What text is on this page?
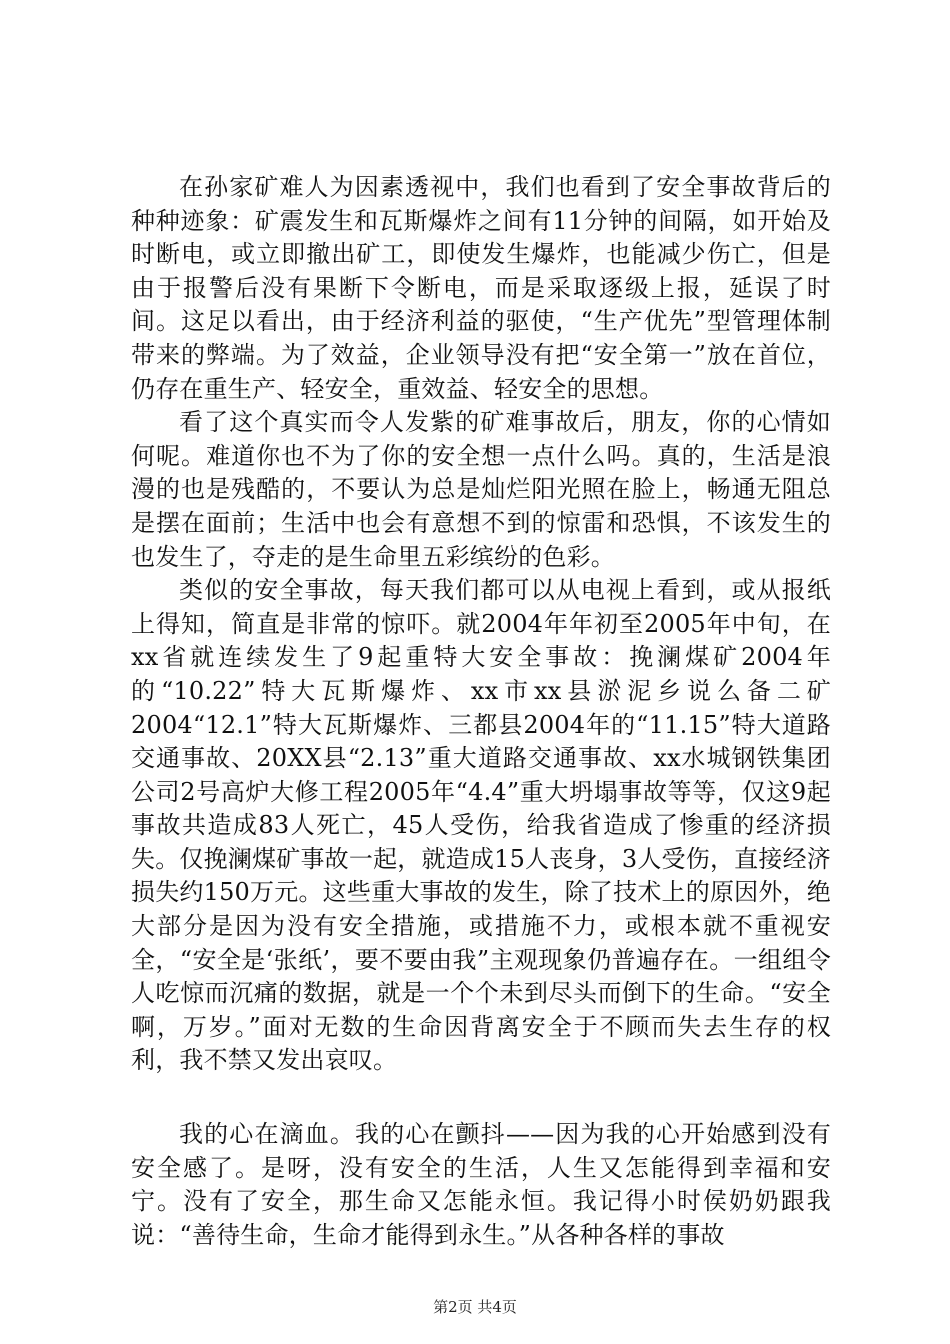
在孙家矿难人为因素透视中，我们也看到了安全事故背后的种种迹象：矿震发生和瓦斯爆炸之间有11分钟的间隔，如开始及时断电，或立即撤出矿工，即使发生爆炸，也能减少伤亡，但是由于报警后没有果断下令断电，而是采取逐级上报，延误了时间。这足以看出，由于经济利益的驱使，“生产优先”型管理体制带来的弊端。为了效益，企业领导没有把“安全第一”放在首位，仍存在重生产、轻安全，重效益、轻安全的思想。

看了这个真实而令人发紫的矿难事故后，朋友，你的心情如何呢。难道你也不为了你的安全想一点什么吗。真的，生活是浪漫的也是残酷的，不要认为总是灿烂阳光照在脸上，畅通无阻总是摆在面前；生活中也会有意想不到的惊雷和恐惧，不该发生的也发生了，夺走的是生命里五彩缤纷的色彩。

类似的安全事故，每天我们都可以从电视上看到，或从报纸上得知，简直是非常的惊吓。就2004年年初至2005年中旬，在xx省就连续发生了9起重特大安全事故：挽澜煤矿2004年的“10.22”特大瓦斯爆炸、xx市xx县淤泥乡说么备二矿2004“12.1”特大瓦斯爆炸、三都县2004年的“11.15”特大道路交通事故、20XX县“2.13”重大道路交通事故、xx水城钢铁集团公司2号高炉大修工程2005年“4.4”重大坍塌事故等等，仅这9起事故共造成83人死亡，45人受伤，给我省造成了惨重的经济损失。仅挽澜煤矿事故一起，就造成15人丧身，3人受伤，直接经济损失约150万元。这些重大事故的发生，除了技术上的原因外，绝大部分是因为没有安全措施，或措施不力，或根本就不重视安全，“安全是‘张纸’，要不要由我”主观现象仍普遍存在。一组组令人吃惊而沉痛的数据，就是一个个未到尽头而倒下的生命。“安全啊，万岁。”面对无数的生命因背离安全于不顾而失去生存的权利，我不禁又发出哀叹。

我的心在滴血。我的心在颤抖——因为我的心开始感到没有安全感了。是呀，没有安全的生活，人生又怎能得到幸福和安宁。没有了安全，那生命又怎能永恒。我记得小时侯奶奶跟我说：“善待生命，生命才能得到永生。”从各种各样的事故

第2页 共4页
